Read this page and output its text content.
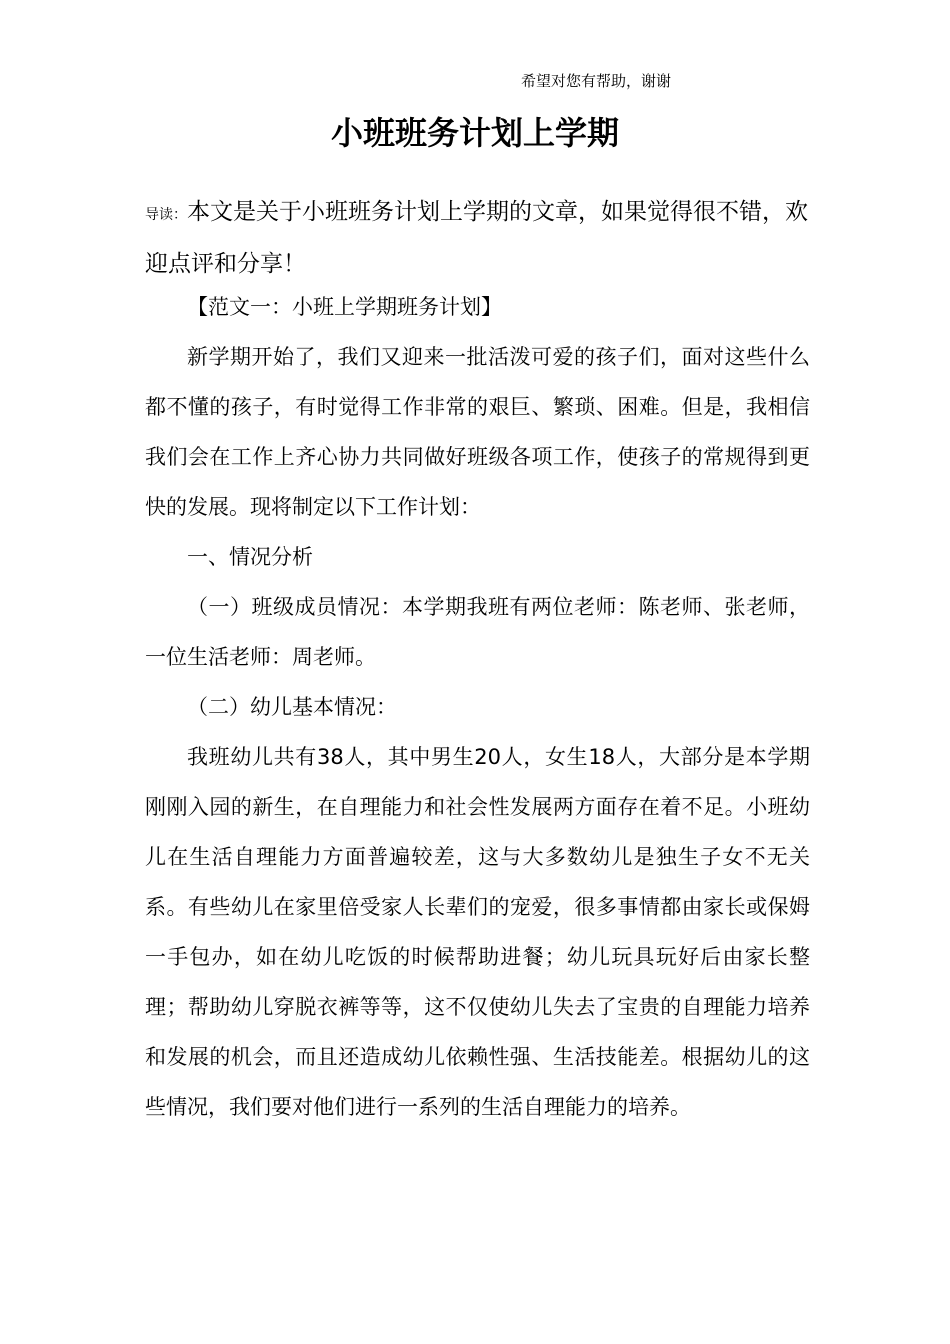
希望对您有帮助，谢谢
小班班务计划上学期

导读：本文是关于小班班务计划上学期的文章，如果觉得很不错，欢迎点评和分享！

【范文一：小班上学期班务计划】

新学期开始了，我们又迎来一批活泼可爱的孩子们，面对这些什么都不懂的孩子，有时觉得工作非常的艰巨、繁琐、困难。但是，我相信我们会在工作上齐心协力共同做好班级各项工作，使孩子的常规得到更快的发展。现将制定以下工作计划：

一、情况分析

（一）班级成员情况：本学期我班有两位老师：陈老师、张老师，一位生活老师：周老师。

（二）幼儿基本情况：

我班幼儿共有38人，其中男生20人，女生18人，大部分是本学期刚刚入园的新生，在自理能力和社会性发展两方面存在着不足。小班幼儿在生活自理能力方面普遍较差，这与大多数幼儿是独生子女不无关系。有些幼儿在家里倍受家人长辈们的宠爱，很多事情都由家长或保姆一手包办，如在幼儿吃饭的时候帮助进餐；幼儿玩具玩好后由家长整理；帮助幼儿穿脱衣裤等等，这不仅使幼儿失去了宝贵的自理能力培养和发展的机会，而且还造成幼儿依赖性强、生活技能差。根据幼儿的这些情况，我们要对他们进行一系列的生活自理能力的培养。
